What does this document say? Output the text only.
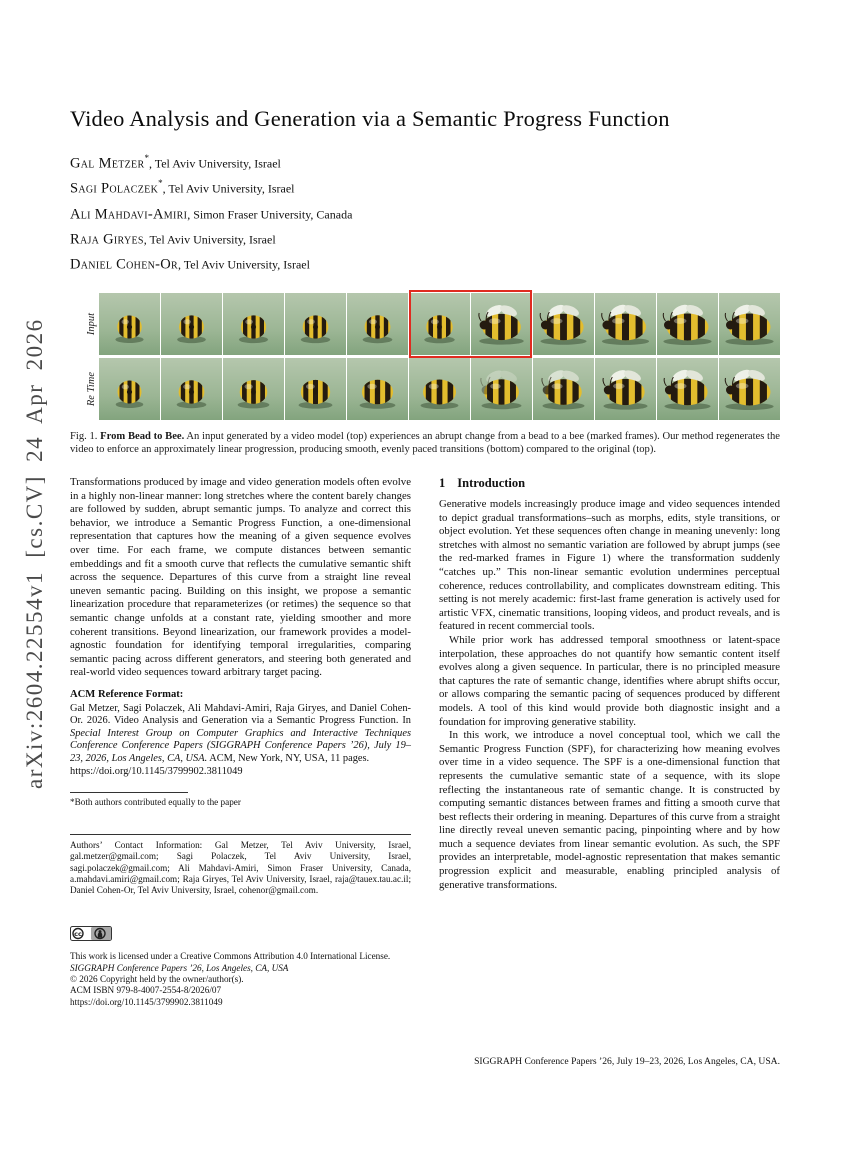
arXiv:2604.22554v1 [cs.CV] 24 Apr 2026
Video Analysis and Generation via a Semantic Progress Function
Gal Metzer*, Tel Aviv University, Israel
Sagi Polaczek*, Tel Aviv University, Israel
Ali Mahdavi-Amiri, Simon Fraser University, Canada
Raja Giryes, Tel Aviv University, Israel
Daniel Cohen-Or, Tel Aviv University, Israel
Input
Re Time

Fig. 1. From Bead to Bee. An input generated by a video model (top) experiences an abrupt change from a bead to a bee (marked frames). Our method regenerates the video to enforce an approximately linear progression, producing smooth, evenly paced transitions (bottom) compared to the original (top).

Transformations produced by image and video generation models often evolve in a highly non-linear manner: long stretches where the content barely changes are followed by sudden, abrupt semantic jumps. To analyze and correct this behavior, we introduce a Semantic Progress Function, a one-dimensional representation that captures how the meaning of a given sequence evolves over time. For each frame, we compute distances between semantic embeddings and fit a smooth curve that reflects the cumulative semantic shift across the sequence. Departures of this curve from a straight line reveal uneven semantic pacing. Building on this insight, we propose a semantic linearization procedure that reparameterizes (or retimes) the sequence so that semantic change unfolds at a constant rate, yielding smoother and more coherent transitions. Beyond linearization, our framework provides a model-agnostic foundation for identifying temporal irregularities, comparing semantic pacing across different generators, and steering both generated and real-world video sequences toward arbitrary target pacing.

ACM Reference Format:
Gal Metzer, Sagi Polaczek, Ali Mahdavi-Amiri, Raja Giryes, and Daniel Cohen-Or. 2026. Video Analysis and Generation via a Semantic Progress Function. In Special Interest Group on Computer Graphics and Interactive Techniques Conference Conference Papers (SIGGRAPH Conference Papers ’26), July 19–23, 2026, Los Angeles, CA, USA. ACM, New York, NY, USA, 11 pages.
https://doi.org/10.1145/3799902.3811049
*Both authors contributed equally to the paper

Authors’ Contact Information: Gal Metzer, Tel Aviv University, Israel, gal.metzer@gmail.com; Sagi Polaczek, Tel Aviv University, Israel, sagi.polaczek@gmail.com; Ali Mahdavi-Amiri, Simon Fraser University, Canada, a.mahdavi.amiri@gmail.com; Raja Giryes, Tel Aviv University, Israel, raja@tauex.tau.ac.il; Daniel Cohen-Or, Tel Aviv University, Israel, cohenor@gmail.com.

cc
This work is licensed under a Creative Commons Attribution 4.0 International License.
SIGGRAPH Conference Papers ’26, Los Angeles, CA, USA
© 2026 Copyright held by the owner/author(s).
ACM ISBN 979-8-4007-2554-8/2026/07
https://doi.org/10.1145/3799902.3811049
1 Introduction

Generative models increasingly produce image and video sequences intended to depict gradual transformations–such as morphs, edits, style transitions, or object evolution. Yet these sequences often change in meaning unevenly: long stretches with almost no semantic variation are followed by abrupt jumps (see the red-marked frames in Figure 1) where the transformation suddenly “catches up.” This non-linear semantic evolution undermines perceptual coherence, reduces controllability, and complicates downstream editing. This setting is not merely academic: first-last frame generation is actively used for artistic VFX, cinematic transitions, looping videos, and product reveals, and is featured in recent commercial tools.

While prior work has addressed temporal smoothness or latent-space interpolation, these approaches do not quantify how semantic content itself evolves along a given sequence. In particular, there is no principled measure that captures the rate of semantic change, identifies where abrupt shifts occur, or allows comparing the semantic pacing of sequences produced by different models. A tool of this kind would provide both diagnostic insight and a foundation for improving generative stability.

In this work, we introduce a novel conceptual tool, which we call the Semantic Progress Function (SPF), for characterizing how meaning evolves over time in a video sequence. The SPF is a one-dimensional function that represents the cumulative semantic state of a sequence, with its slope reflecting the instantaneous rate of semantic change. It is constructed by computing semantic distances between frames and fitting a smooth curve that best reflects their ordering in meaning. Departures of this curve from a straight line directly reveal uneven semantic pacing, pinpointing where and by how much a sequence deviates from linear semantic evolution. As such, the SPF provides an interpretable, model-agnostic representation that makes semantic progression explicit and measurable, enabling principled analysis of generative transformations.

SIGGRAPH Conference Papers ’26, July 19–23, 2026, Los Angeles, CA, USA.
